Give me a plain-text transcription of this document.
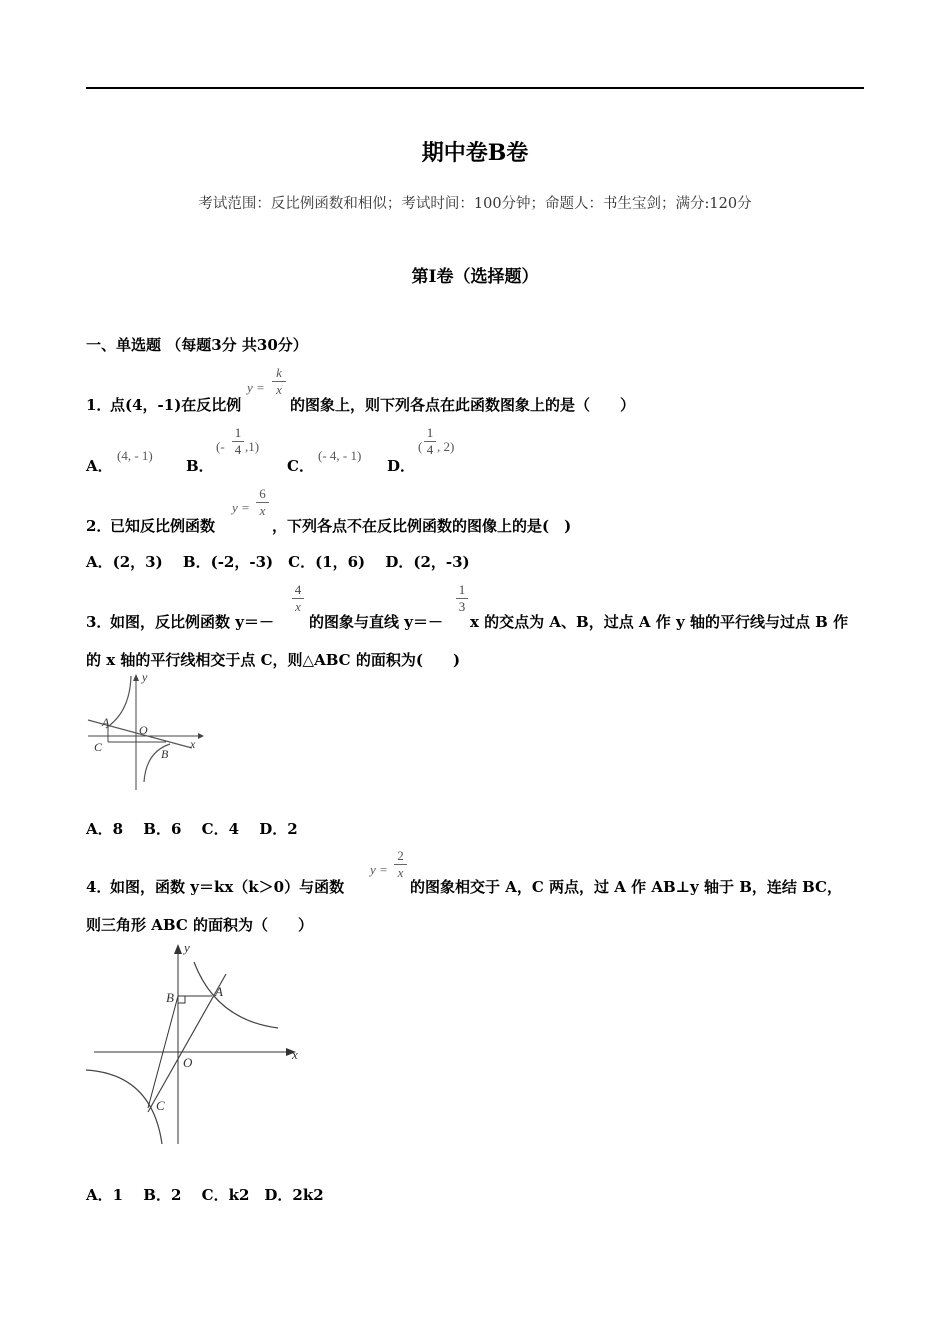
期中卷B卷
考试范围：反比例函数和相似；考试时间：100分钟；命题人：书生宝剑；满分:120分
第I卷（选择题）
一、单选题 （每题3分 共30分）
1．
点(4，-1)在反比例
y =
k
x
的图象上，则下列各点在此函数图象上的是（　　）
A．
(4, - 1)
B．
(-
1
4 ,1)
C．
(- 4, - 1)
D．
(
1
4 , 2)
2．
已知反比例函数
y =
6
x
，下列各点不在反比例函数的图像上的是(　)
A．(2，3)　 B．(-2，-3)　C．(1，6)　 D．(2，-3)
3．
如图，反比例函数 y＝－
4
x
的图象与直线 y＝－
1
3
x 的交点为 A、B，过点 A 作 y 轴的平行线与过点 B 作
的 x 轴的平行线相交于点 C，则△ABC 的面积为(　　)
y
x
O
A
B
C
A．8　 B．6　 C．4　 D．2
4．
如图，函数 y＝kx（k＞0）与函数
y =
2
x
的图象相交于 A，C 两点，过 A 作 AB⊥y 轴于 B，连结 BC，
则三角形 ABC 的面积为（　　）
y
x
O
A
B
C
A．1　 B．2　 C．k2　D．2k2
